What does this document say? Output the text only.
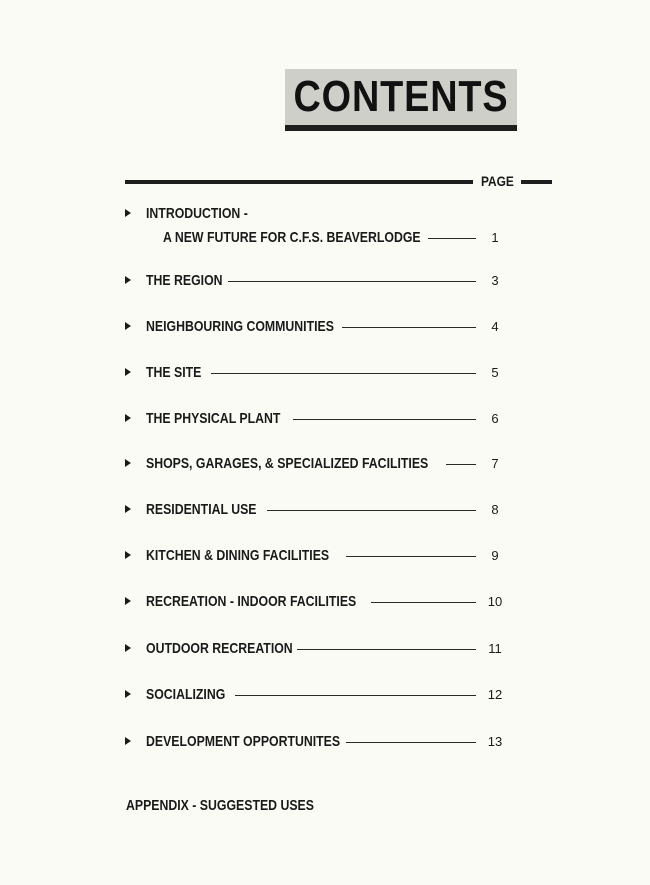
CONTENTS
PAGE
INTRODUCTION -
A NEW FUTURE FOR C.F.S. BEAVERLODGE	1
THE REGION	3
NEIGHBOURING COMMUNITIES	4
THE SITE	5
THE PHYSICAL PLANT	6
SHOPS, GARAGES, & SPECIALIZED FACILITIES	7
RESIDENTIAL USE	8
KITCHEN & DINING FACILITIES	9
RECREATION - INDOOR FACILITIES	10
OUTDOOR RECREATION	11
SOCIALIZING	12
DEVELOPMENT OPPORTUNITES	13
APPENDIX - SUGGESTED USES
